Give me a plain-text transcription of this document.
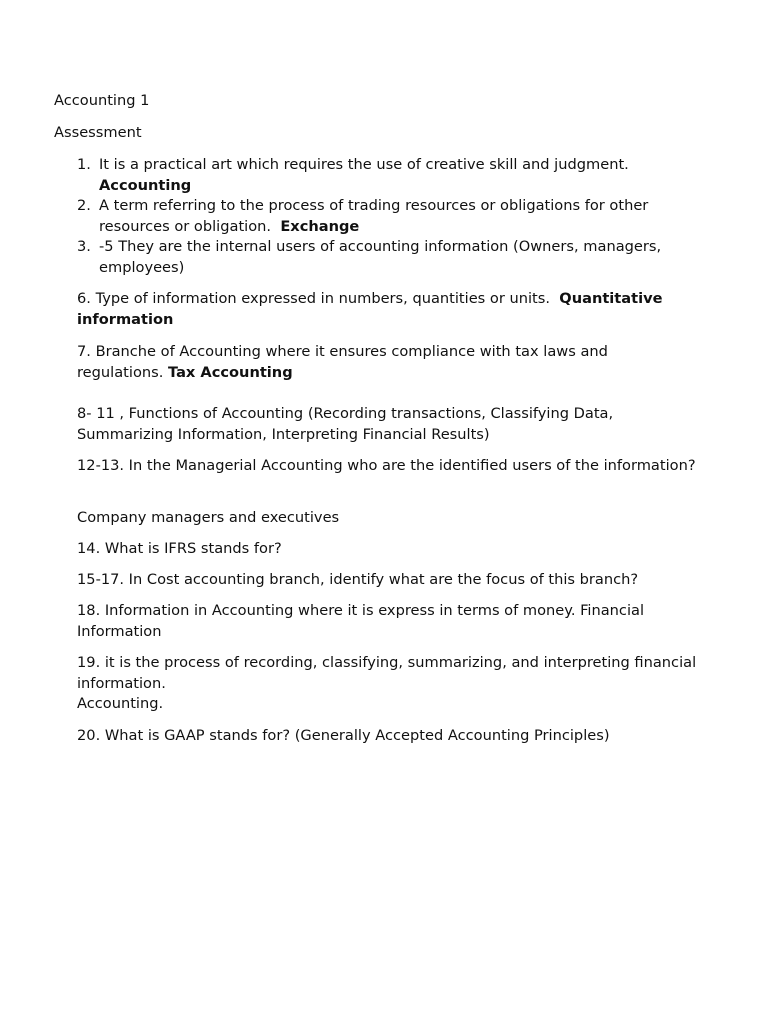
Accounting 1

Assessment

1. It is a practical art which requires the use of creative skill and judgment.
Accounting
2. A term referring to the process of trading resources or obligations for other resources or obligation. Exchange
3. -5 They are the internal users of accounting information (Owners, managers, employees)

6. Type of information expressed in numbers, quantities or units. Quantitative information

7. Branche of Accounting where it ensures compliance with tax laws and regulations. Tax Accounting

8- 11 , Functions of Accounting (Recording transactions, Classifying Data, Summarizing Information, Interpreting Financial Results)

12-13. In the Managerial Accounting who are the identified users of the information?

Company managers and executives

14. What is IFRS stands for?

15-17. In Cost accounting branch, identify what are the focus of this branch?

18. Information in Accounting where it is express in terms of money. Financial Information

19. it is the process of recording, classifying, summarizing, and interpreting financial information.
Accounting.

20. What is GAAP stands for? (Generally Accepted Accounting Principles)
